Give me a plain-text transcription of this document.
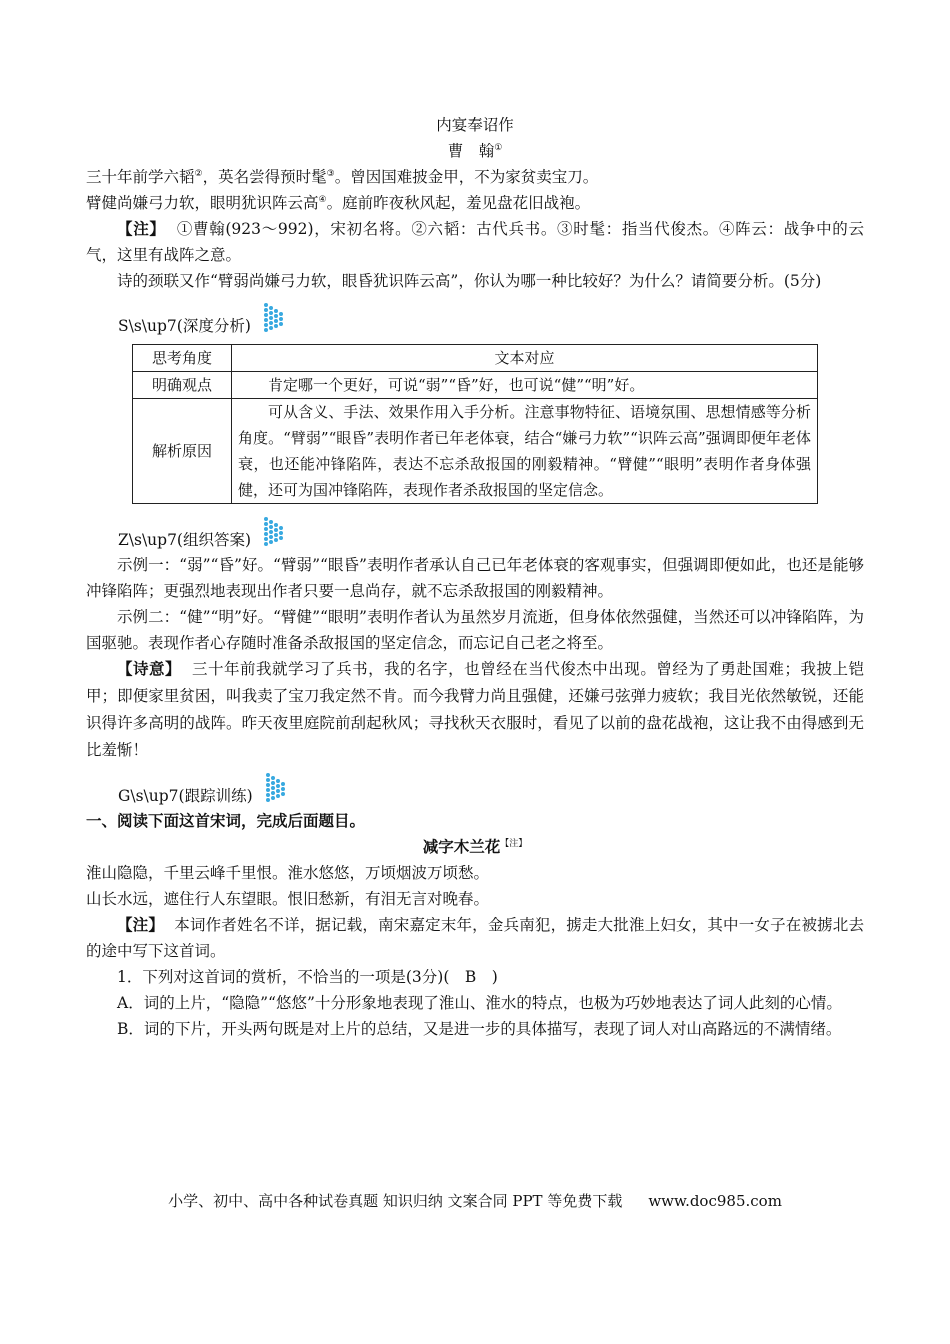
内宴奉诏作

曹　翰①

三十年前学六韬②，英名尝得预时髦③。曾因国难披金甲，不为家贫卖宝刀。

臂健尚嫌弓力软，眼明犹识阵云高④。庭前昨夜秋风起，羞见盘花旧战袍。

【注】 ①曹翰(923～992)，宋初名将。②六韬：古代兵书。③时髦：指当代俊杰。④阵云：战争中的云气，这里有战阵之意。

诗的颈联又作“臂弱尚嫌弓力软，眼昏犹识阵云高”，你认为哪一种比较好？为什么？请简要分析。(5分)

S\s\up7(深度分析)
思考角度	文本对应
明确观点	肯定哪一个更好，可说“弱”“昏”好，也可说“健”“明”好。
解析原因	可从含义、手法、效果作用入手分析。注意事物特征、语境氛围、思想情感等分析角度。“臂弱”“眼昏”表明作者已年老体衰，结合“嫌弓力软”“识阵云高”强调即便年老体衰，也还能冲锋陷阵，表达不忘杀敌报国的刚毅精神。“臂健”“眼明”表明作者身体强健，还可为国冲锋陷阵，表现作者杀敌报国的坚定信念。
Z\s\up7(组织答案)

示例一：“弱”“昏”好。“臂弱”“眼昏”表明作者承认自己已年老体衰的客观事实，但强调即便如此，也还是能够冲锋陷阵；更强烈地表现出作者只要一息尚存，就不忘杀敌报国的刚毅精神。

示例二：“健”“明”好。“臂健”“眼明”表明作者认为虽然岁月流逝，但身体依然强健，当然还可以冲锋陷阵，为国驱驰。表现作者心存随时准备杀敌报国的坚定信念，而忘记自己老之将至。

【诗意】 三十年前我就学习了兵书，我的名字，也曾经在当代俊杰中出现。曾经为了勇赴国难；我披上铠甲；即便家里贫困，叫我卖了宝刀我定然不肯。而今我臂力尚且强健，还嫌弓弦弹力疲软；我目光依然敏锐，还能识得许多高明的战阵。昨天夜里庭院前刮起秋风；寻找秋天衣服时，看见了以前的盘花战袍，这让我不由得感到无比羞惭！

G\s\up7(跟踪训练)

一、阅读下面这首宋词，完成后面题目。

减字木兰花$^{【注】}$

淮山隐隐，千里云峰千里恨。淮水悠悠，万顷烟波万顷愁。

山长水远，遮住行人东望眼。恨旧愁新，有泪无言对晚春。

【注】 本词作者姓名不详，据记载，南宋嘉定末年，金兵南犯，掳走大批淮上妇女，其中一女子在被掳北去的途中写下这首词。

1．下列对这首词的赏析，不恰当的一项是(3分)(　B　)

A．词的上片，“隐隐”“悠悠”十分形象地表现了淮山、淮水的特点，也极为巧妙地表达了词人此刻的心情。

B．词的下片，开头两句既是对上片的总结，又是进一步的具体描写，表现了词人对山高路远的不满情绪。

小学、初中、高中各种试卷真题 知识归纳 文案合同 PPT 等免费下载 www.doc985.com
